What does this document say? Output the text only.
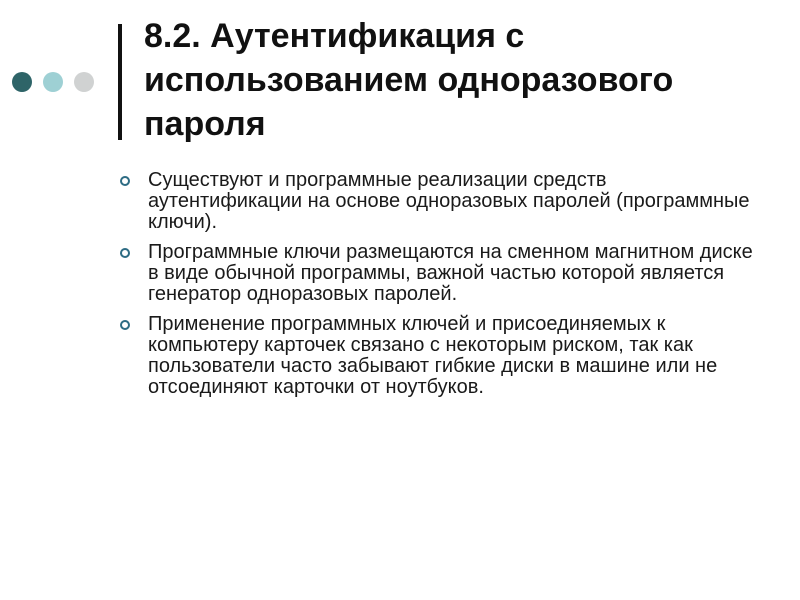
8.2. Аутентификация с использованием одноразового пароля
Существуют и программные реализации средств аутентификации на основе одноразовых паролей (программные ключи).
Программные ключи размещаются на сменном магнитном диске в виде обычной программы, важной частью которой является генератор одноразовых паролей.
Применение программных ключей и присоединяемых к компьютеру карточек связано с некоторым риском, так как пользователи часто забывают гибкие диски в машине или не отсоединяют карточки от ноутбуков.
